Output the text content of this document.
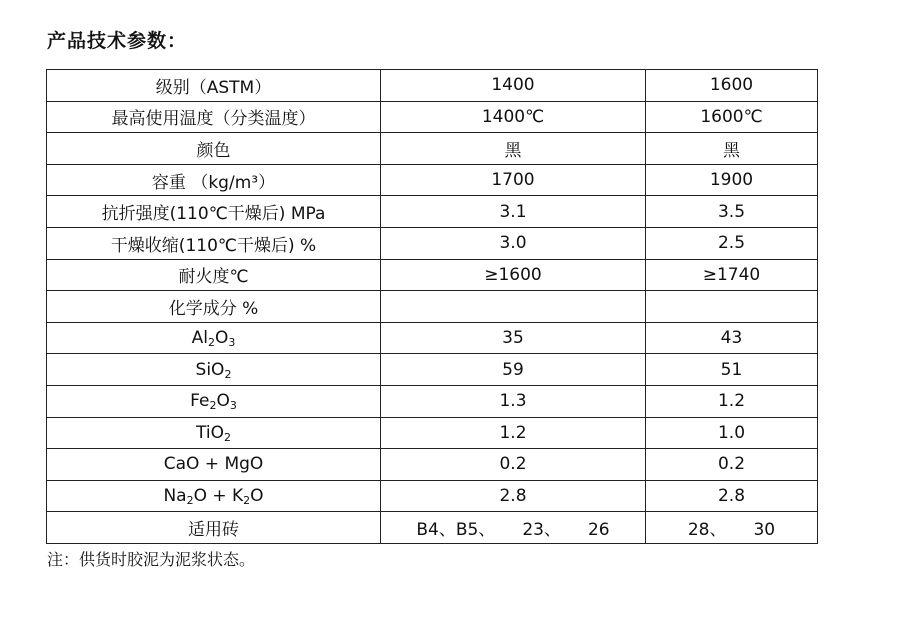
产品技术参数：
级别（ASTM）	1400	1600
最高使用温度（分类温度）	1400℃	1600℃
颜色	黑	黑
容重 （kg/m³）	1700	1900
抗折强度(110℃干燥后) MPa	3.1	3.5
干燥收缩(110℃干燥后) %	3.0	2.5
耐火度℃	≥1600	≥1740
化学成分 %		
$Al_2O_3$	35	43
SiO$_2$	59	51
$Fe_2O_3$	1.3	1.2
TiO$_2$	1.2	1.0
CaO + MgO	0.2	0.2
$Na_2O + K_2O$	2.8	2.8
适用砖	B4、B5、     23、     26	28、     30
注：供货时胶泥为泥浆状态。
